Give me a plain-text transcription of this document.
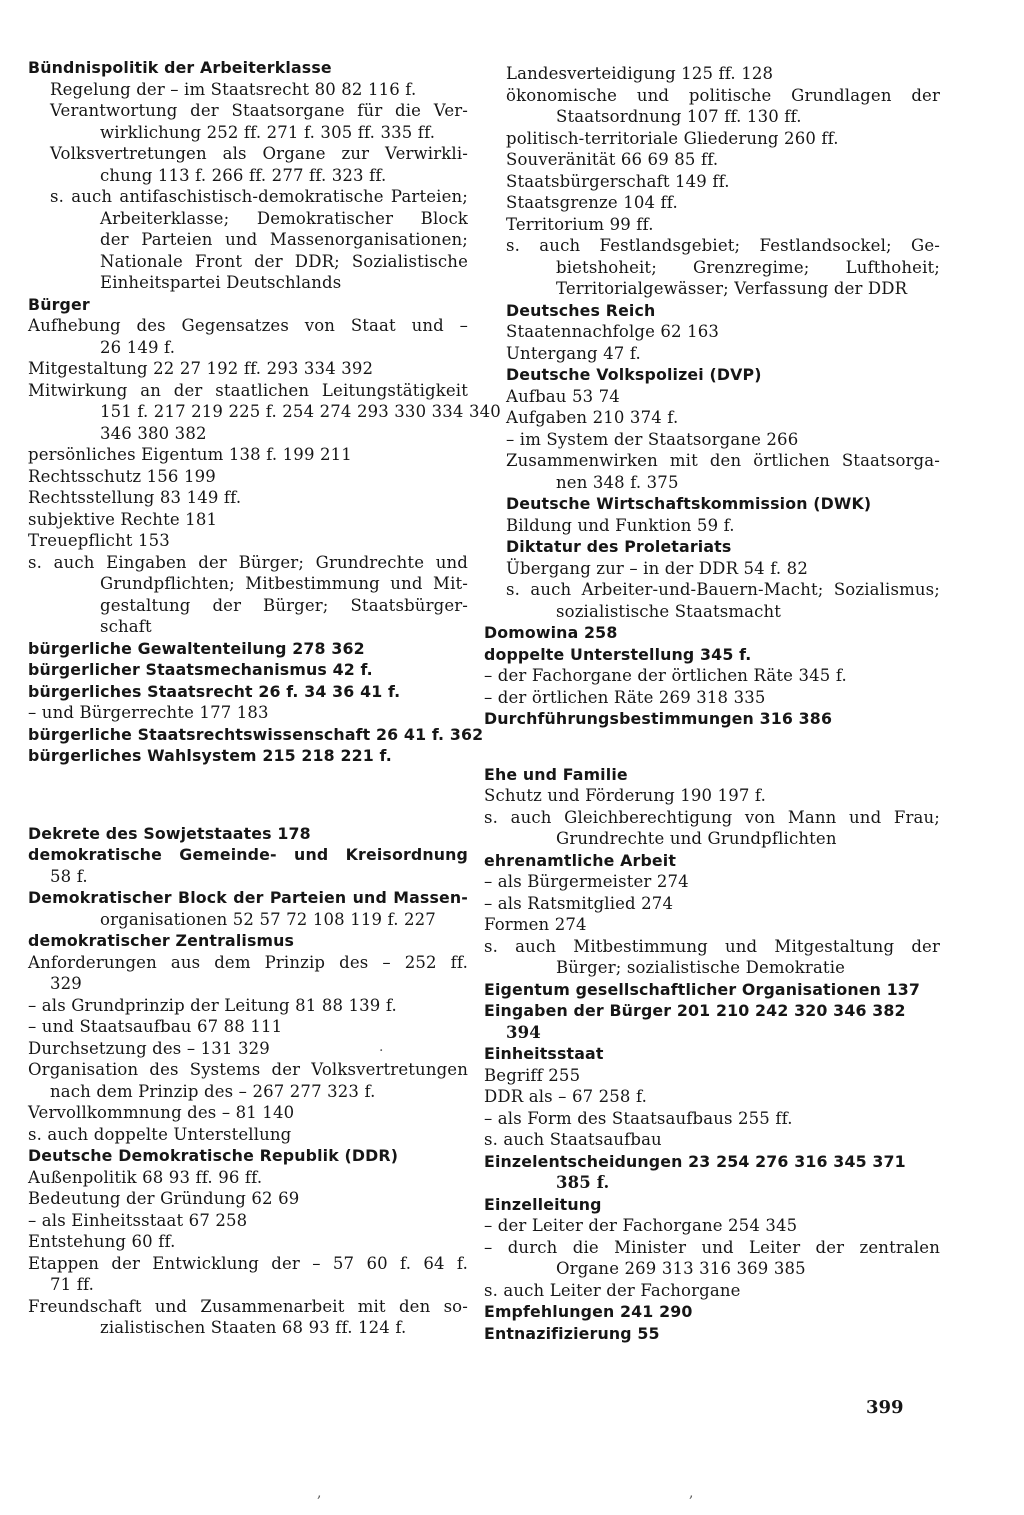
Bündnispolitik der Arbeiterklasse
Regelung der – im Staatsrecht 80 82 116 f.
Verantwortung der Staatsorgane für die Ver-
wirklichung 252 ff. 271 f. 305 ff. 335 ff.
Volksvertretungen als Organe zur Verwirkli-
chung 113 f. 266 ff. 277 ff. 323 ff.
s. auch antifaschistisch-demokratische Parteien;
Arbeiterklasse; Demokratischer Block
der Parteien und Massenorganisationen;
Nationale Front der DDR; Sozialistische
Einheitspartei Deutschlands
Bürger
Aufhebung des Gegensatzes von Staat und –
26 149 f.
Mitgestaltung 22 27 192 ff. 293 334 392
Mitwirkung an der staatlichen Leitungstätigkeit
151 f. 217 219 225 f. 254 274 293 330 334 340
346 380 382
persönliches Eigentum 138 f. 199 211
Rechtsschutz 156 199
Rechtsstellung 83 149 ff.
subjektive Rechte 181
Treuepflicht 153
s. auch Eingaben der Bürger; Grundrechte und
Grundpflichten; Mitbestimmung und Mit-
gestaltung der Bürger; Staatsbürger-
schaft
bürgerliche Gewaltenteilung 278 362
bürgerlicher Staatsmechanismus 42 f.
bürgerliches Staatsrecht 26 f. 34 36 41 f.
– und Bürgerrechte 177 183
bürgerliche Staatsrechtswissenschaft 26 41 f. 362
bürgerliches Wahlsystem 215 218 221 f.
Dekrete des Sowjetstaates 178
demokratische Gemeinde- und Kreisordnung
58 f.
Demokratischer Block der Parteien und Massen-
organisationen 52 57 72 108 119 f. 227
demokratischer Zentralismus
Anforderungen aus dem Prinzip des – 252 ff.
329
– als Grundprinzip der Leitung 81 88 139 f.
– und Staatsaufbau 67 88 111
Durchsetzung des – 131 329
Organisation des Systems der Volksvertretungen
nach dem Prinzip des – 267 277 323 f.
Vervollkommnung des – 81 140
s. auch doppelte Unterstellung
Deutsche Demokratische Republik (DDR)
Außenpolitik 68 93 ff. 96 ff.
Bedeutung der Gründung 62 69
– als Einheitsstaat 67 258
Entstehung 60 ff.
Etappen der Entwicklung der – 57 60 f. 64 f.
71 ff.
Freundschaft und Zusammenarbeit mit den so-
zialistischen Staaten 68 93 ff. 124 f.
Landesverteidigung 125 ff. 128
ökonomische und politische Grundlagen der
Staatsordnung 107 ff. 130 ff.
politisch-territoriale Gliederung 260 ff.
Souveränität 66 69 85 ff.
Staatsbürgerschaft 149 ff.
Staatsgrenze 104 ff.
Territorium 99 ff.
s. auch Festlandsgebiet; Festlandsockel; Ge-
bietshoheit; Grenzregime; Lufthoheit;
Territorialgewässer; Verfassung der DDR
Deutsches Reich
Staatennachfolge 62 163
Untergang 47 f.
Deutsche Volkspolizei (DVP)
Aufbau 53 74
Aufgaben 210 374 f.
– im System der Staatsorgane 266
Zusammenwirken mit den örtlichen Staatsorga-
nen 348 f. 375
Deutsche Wirtschaftskommission (DWK)
Bildung und Funktion 59 f.
Diktatur des Proletariats
Übergang zur – in der DDR 54 f. 82
s. auch Arbeiter-und-Bauern-Macht; Sozialismus;
sozialistische Staatsmacht
Domowina 258
doppelte Unterstellung 345 f.
– der Fachorgane der örtlichen Räte 345 f.
– der örtlichen Räte 269 318 335
Durchführungsbestimmungen 316 386
Ehe und Familie
Schutz und Förderung 190 197 f.
s. auch Gleichberechtigung von Mann und Frau;
Grundrechte und Grundpflichten
ehrenamtliche Arbeit
– als Bürgermeister 274
– als Ratsmitglied 274
Formen 274
s. auch Mitbestimmung und Mitgestaltung der
Bürger; sozialistische Demokratie
Eigentum gesellschaftlicher Organisationen 137
Eingaben der Bürger 201 210 242 320 346 382
394
Einheitsstaat
Begriff 255
DDR als – 67 258 f.
– als Form des Staatsaufbaus 255 ff.
s. auch Staatsaufbau
Einzelentscheidungen 23 254 276 316 345 371
385 f.
Einzelleitung
– der Leiter der Fachorgane 254 345
– durch die Minister und Leiter der zentralen
Organe 269 313 316 369 385
s. auch Leiter der Fachorgane
Empfehlungen 241 290
Entnazifizierung 55
399
,	,
·
